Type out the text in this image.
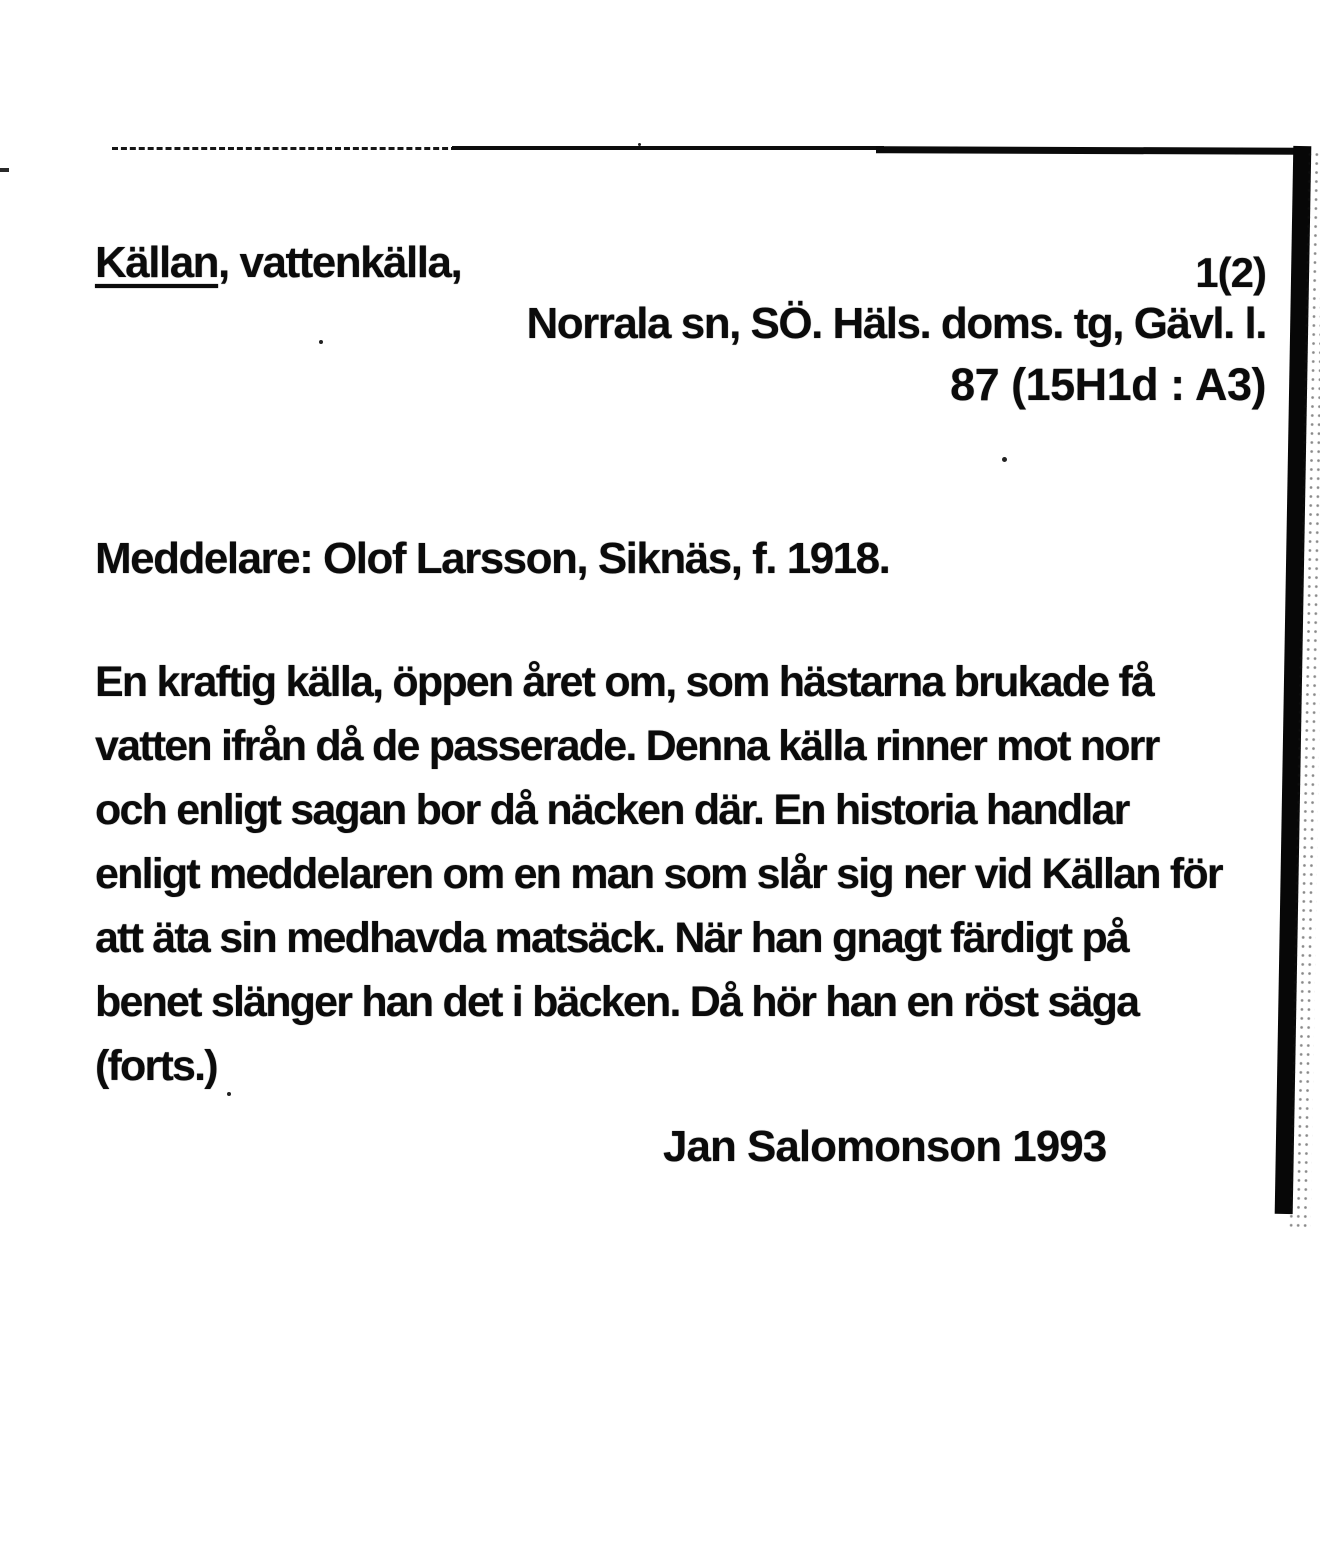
Källan, vattenkälla,	1(2)
Norrala sn, SÖ. Häls. doms. tg, Gävl. l.
87 (15H1d : A3)
Meddelare: Olof Larsson, Siknäs, f. 1918.
En kraftig källa, öppen året om, som hästarna brukade få
vatten ifrån då de passerade. Denna källa rinner mot norr
och enligt sagan bor då näcken där. En historia handlar
enligt meddelaren om en man som slår sig ner vid Källan för
att äta sin medhavda matsäck. När han gnagt färdigt på
benet slänger han det i bäcken. Då hör han en röst säga
(forts.)
Jan Salomonson 1993
